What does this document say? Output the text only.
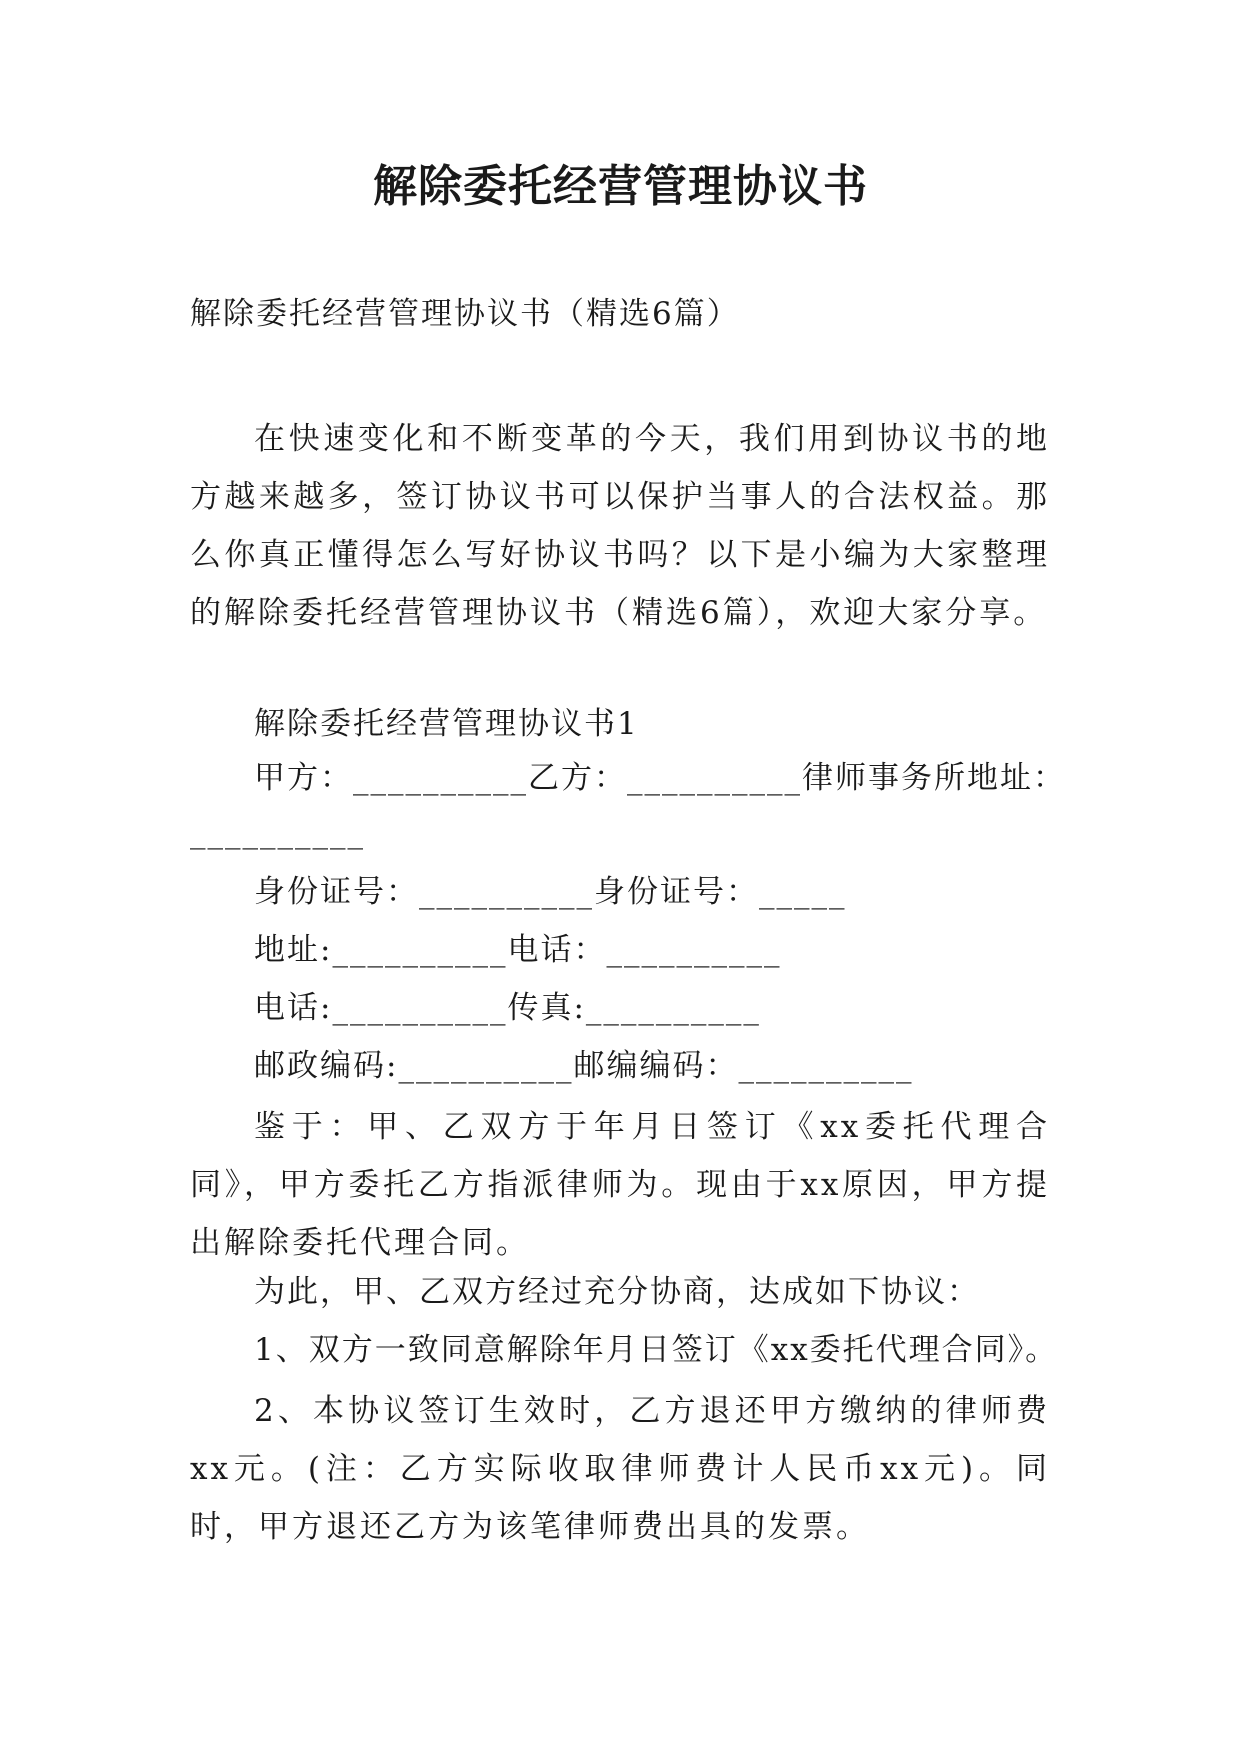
解除委托经营管理协议书
解除委托经营管理协议书（精选6篇）
在快速变化和不断变革的今天，我们用到协议书的地方越来越多，签订协议书可以保护当事人的合法权益。那么你真正懂得怎么写好协议书吗？以下是小编为大家整理的解除委托经营管理协议书（精选6篇），欢迎大家分享。
解除委托经营管理协议书1
甲方：__________乙方：__________律师事务所地址：
__________
身份证号：__________身份证号：_____
地址:__________电话：__________
电话:__________传真:__________
邮政编码:__________邮编编码：__________
鉴于：甲、乙双方于年月日签订《xx委托代理合同》，甲方委托乙方指派律师为。现由于xx原因，甲方提出解除委托代理合同。
为此，甲、乙双方经过充分协商，达成如下协议：
1、双方一致同意解除年月日签订《xx委托代理合同》。
2、本协议签订生效时，乙方退还甲方缴纳的律师费xx元。(注：乙方实际收取律师费计人民币xx元)。同时，甲方退还乙方为该笔律师费出具的发票。
